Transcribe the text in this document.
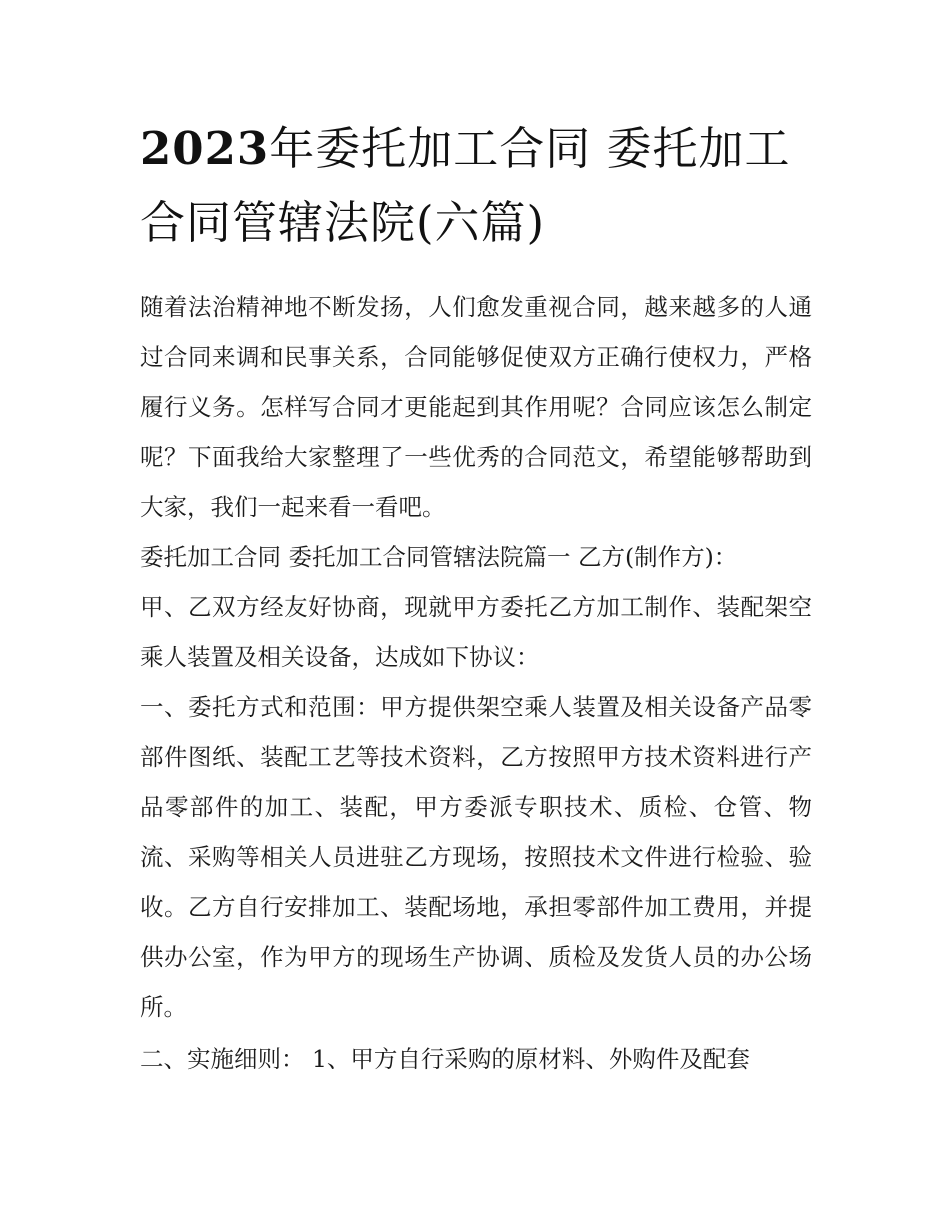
2023年委托加工合同 委托加工合同管辖法院(六篇)

随着法治精神地不断发扬，人们愈发重视合同，越来越多的人通过合同来调和民事关系，合同能够促使双方正确行使权力，严格履行义务。怎样写合同才更能起到其作用呢？合同应该怎么制定呢？下面我给大家整理了一些优秀的合同范文，希望能够帮助到大家，我们一起来看一看吧。

委托加工合同 委托加工合同管辖法院篇一 乙方(制作方)：

甲、乙双方经友好协商，现就甲方委托乙方加工制作、装配架空乘人装置及相关设备，达成如下协议：

一、委托方式和范围：甲方提供架空乘人装置及相关设备产品零部件图纸、装配工艺等技术资料，乙方按照甲方技术资料进行产品零部件的加工、装配，甲方委派专职技术、质检、仓管、物流、采购等相关人员进驻乙方现场，按照技术文件进行检验、验收。乙方自行安排加工、装配场地，承担零部件加工费用，并提供办公室，作为甲方的现场生产协调、质检及发货人员的办公场所。

二、实施细则： 1、甲方自行采购的原材料、外购件及配套
